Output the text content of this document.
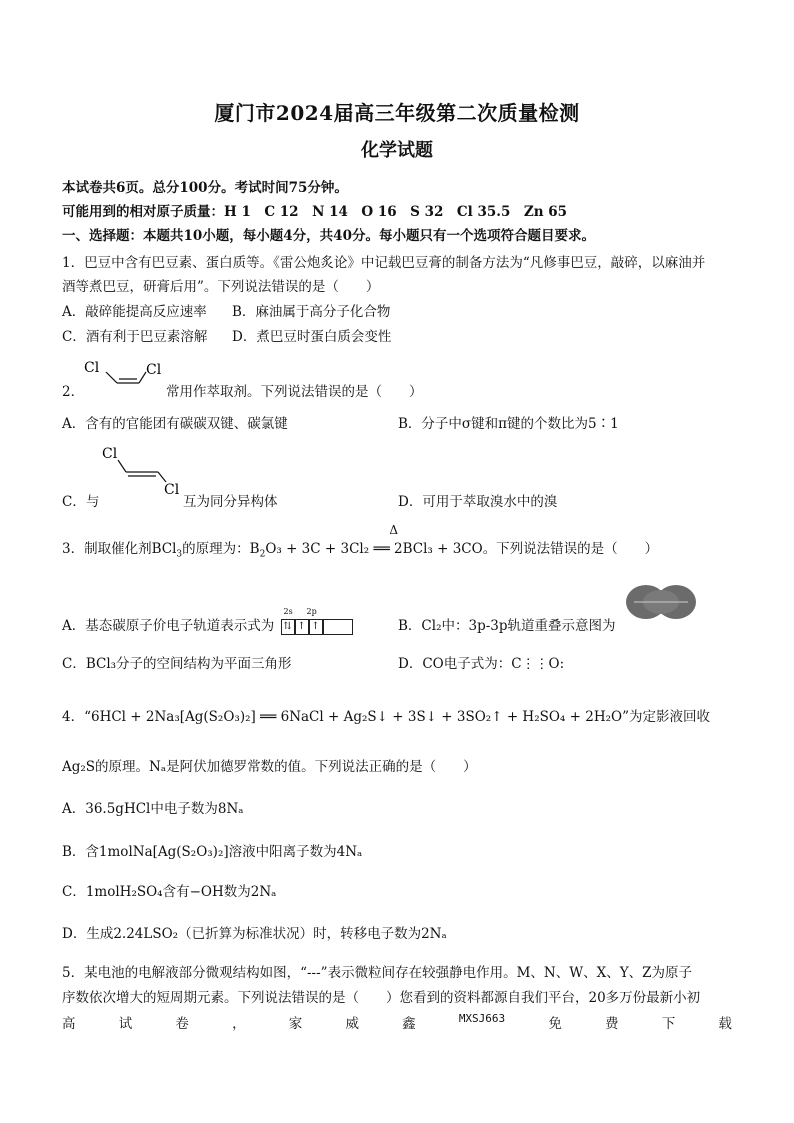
厦门市2024届高三年级第二次质量检测
化学试题
本试卷共6页。总分100分。考试时间75分钟。
可能用到的相对原子质量：H 1　C 12　N 14　O 16　S 32　Cl 35.5　Zn 65
一、选择题：本题共10小题，每小题4分，共40分。每小题只有一个选项符合题目要求。
1．巴豆中含有巴豆素、蛋白质等。《雷公炮炙论》中记载巴豆膏的制备方法为“凡修事巴豆，敲碎，以麻油并
酒等煮巴豆，研膏后用”。下列说法错误的是（　　）
A．敲碎能提高反应速率 B．麻油属于高分子化合物
C．酒有利于巴豆素溶解 D．煮巴豆时蛋白质会变性
Cl	Cl
2．	常用作萃取剂。下列说法错误的是（　　）
A．含有的官能团有碳碳双键、碳氯键	B．分子中σ键和π键的个数比为5∶1
Cl
Cl
C．与	互为同分异构体	D．可用于萃取溴水中的溴
3．制取催化剂BCl$_3$的原理为：$B_2O_3 + 3C + 3Cl_2$ ══ 2BCl₃ + 3CO
Δ
。下列说法错误的是（　　）
A．基态碳原子价电子轨道表示式为
2s 2p
⇅ ↑ ↑	B．Cl₂中：3p-3p轨道重叠示意图为
C．BCl₃分子的空间结构为平面三角形	D．CO电子式为：C⋮⋮O:
4．“6HCl + 2Na₃[Ag(S₂O₃)₂] ══ 6NaCl + Ag₂S↓ + 3S↓ + 3SO₂↑ + H₂SO₄ + 2H₂O”为定影液回收
Ag₂S的原理。Nₐ是阿伏加德罗常数的值。下列说法正确的是（　　）
A．36.5gHCl中电子数为8Nₐ
B．含1molNa[Ag(S₂O₃)₂]溶液中阳离子数为4Nₐ
C．1molH₂SO₄含有−OH数为2Nₐ
D．生成2.24LSO₂（已折算为标准状况）时，转移电子数为2Nₐ
5．某电池的电解液部分微观结构如图，“---”表示微粒间存在较强静电作用。M、N、W、X、Y、Z为原子
序数依次增大的短周期元素。下列说法错误的是（　　）您看到的资料都源自我们平台，20多万份最新小初
高	试	卷	，	家	威	鑫	MXSJ663	免	费	下	载
